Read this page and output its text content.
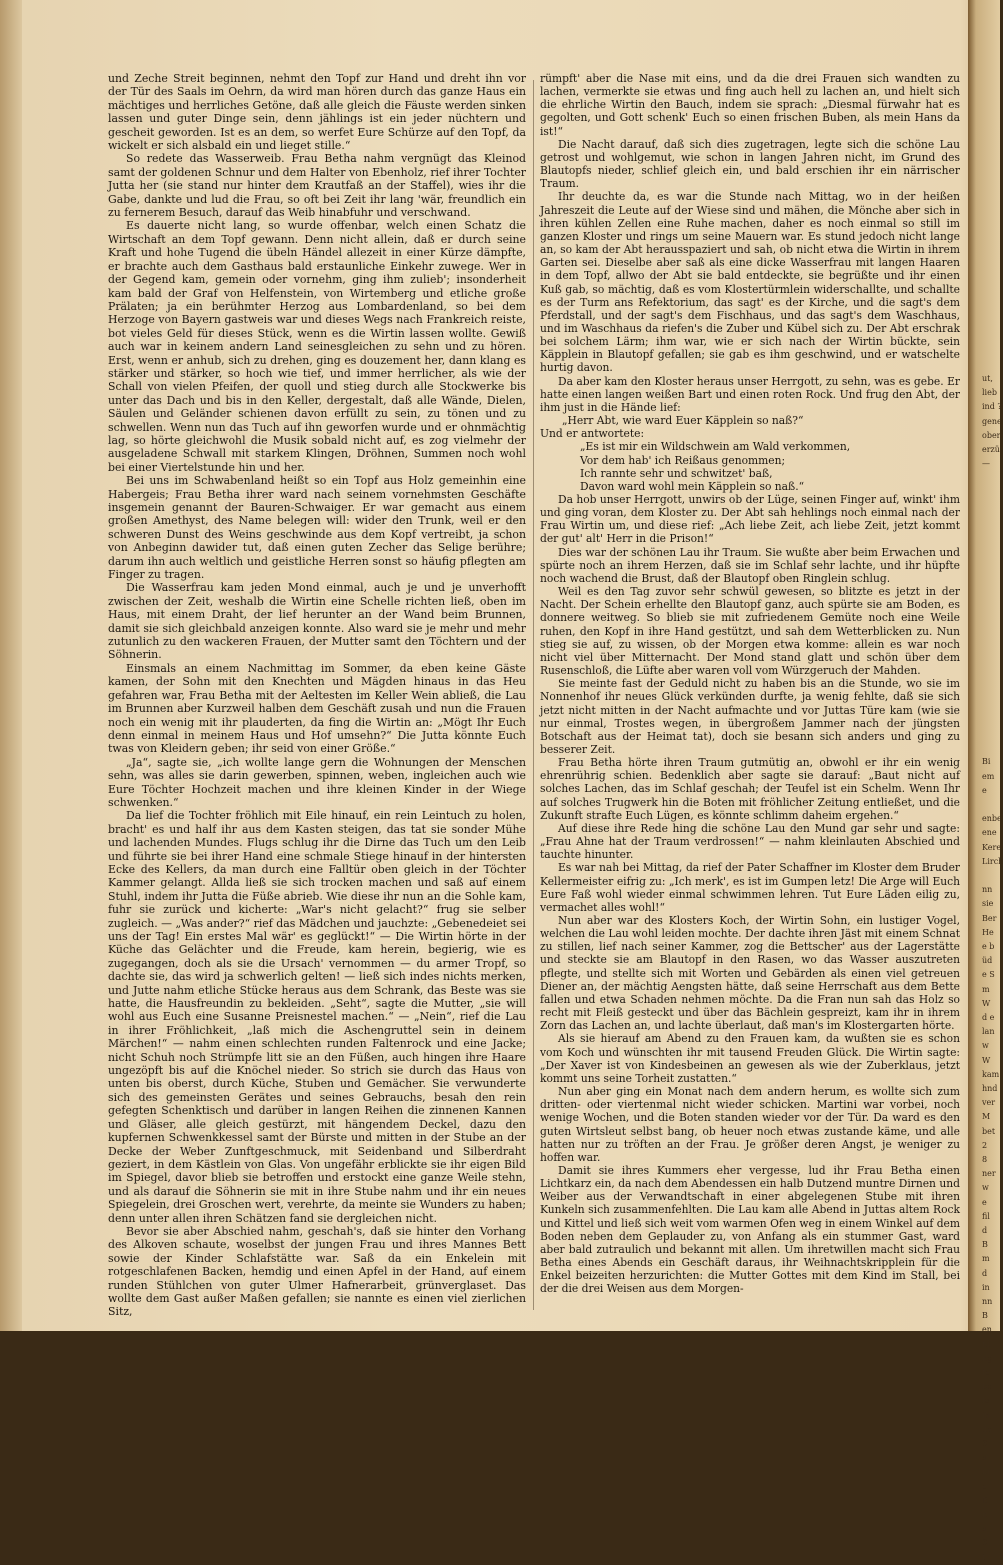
und Zeche Streit beginnen, nehmt den Topf zur Hand und dreht ihn vor der Tür des Saals im Oehrn, da wird man hören durch das ganze Haus ein mächtiges und herrliches Getöne, daß alle gleich die Fäuste werden sinken lassen und guter Dinge sein, denn jählings ist ein jeder nüchtern und gescheit geworden. Ist es an dem, so werfet Eure Schürze auf den Topf, da wickelt er sich alsbald ein und lieget stille.“

So redete das Wasserweib. Frau Betha nahm vergnügt das Kleinod samt der goldenen Schnur und dem Halter von Ebenholz, rief ihrer Tochter Jutta her (sie stand nur hinter dem Krautfaß an der Staffel), wies ihr die Gabe, dankte und lud die Frau, so oft bei Zeit ihr lang 'wär, freundlich ein zu fernerem Besuch, darauf das Weib hinabfuhr und verschwand.

Es dauerte nicht lang, so wurde offenbar, welch einen Schatz die Wirtschaft an dem Topf gewann. Denn nicht allein, daß er durch seine Kraft und hohe Tugend die übeln Händel allezeit in einer Kürze dämpfte, er brachte auch dem Gasthaus bald erstaunliche Einkehr zuwege. Wer in der Gegend kam, gemein oder vornehm, ging ihm zulieb'; insonderheit kam bald der Graf von Helfenstein, von Wirtemberg und etliche große Prälaten; ja ein berühmter Herzog aus Lombardenland, so bei dem Herzoge von Bayern gastweis war und dieses Wegs nach Frankreich reiste, bot vieles Geld für dieses Stück, wenn es die Wirtin lassen wollte. Gewiß auch war in keinem andern Land seinesgleichen zu sehn und zu hören. Erst, wenn er anhub, sich zu drehen, ging es douzement her, dann klang es stärker und stärker, so hoch wie tief, und immer herrlicher, als wie der Schall von vielen Pfeifen, der quoll und stieg durch alle Stockwerke bis unter das Dach und bis in den Keller, dergestalt, daß alle Wände, Dielen, Säulen und Geländer schienen davon erfüllt zu sein, zu tönen und zu schwellen. Wenn nun das Tuch auf ihn geworfen wurde und er ohnmächtig lag, so hörte gleichwohl die Musik sobald nicht auf, es zog vielmehr der ausgeladene Schwall mit starkem Klingen, Dröhnen, Summen noch wohl bei einer Viertelstunde hin und her.

Bei uns im Schwabenland heißt so ein Topf aus Holz gemeinhin eine Habergeis; Frau Betha ihrer ward nach seinem vornehmsten Geschäfte insgemein genannt der Bauren-Schwaiger. Er war gemacht aus einem großen Amethyst, des Name belegen will: wider den Trunk, weil er den schweren Dunst des Weins geschwinde aus dem Kopf vertreibt, ja schon von Anbeginn dawider tut, daß einen guten Zecher das Selige berühre; darum ihn auch weltlich und geistliche Herren sonst so häufig pflegten am Finger zu tragen.

Die Wasserfrau kam jeden Mond einmal, auch je und je unverhofft zwischen der Zeit, weshalb die Wirtin eine Schelle richten ließ, oben im Haus, mit einem Draht, der lief herunter an der Wand beim Brunnen, damit sie sich gleichbald anzeigen konnte. Also ward sie je mehr und mehr zutunlich zu den wackeren Frauen, der Mutter samt den Töchtern und der Söhnerin.

Einsmals an einem Nachmittag im Sommer, da eben keine Gäste kamen, der Sohn mit den Knechten und Mägden hinaus in das Heu gefahren war, Frau Betha mit der Aeltesten im Keller Wein abließ, die Lau im Brunnen aber Kurzweil halben dem Geschäft zusah und nun die Frauen noch ein wenig mit ihr plauderten, da fing die Wirtin an: „Mögt Ihr Euch denn einmal in meinem Haus und Hof umsehn?“ Die Jutta könnte Euch twas von Kleidern geben; ihr seid von einer Größe.“

„Ja“, sagte sie, „ich wollte lange gern die Wohnungen der Menschen sehn, was alles sie darin gewerben, spinnen, weben, ingleichen auch wie Eure Töchter Hochzeit machen und ihre kleinen Kinder in der Wiege schwenken.“

Da lief die Tochter fröhlich mit Eile hinauf, ein rein Leintuch zu holen, bracht' es und half ihr aus dem Kasten steigen, das tat sie sonder Mühe und lachenden Mundes. Flugs schlug ihr die Dirne das Tuch um den Leib und führte sie bei ihrer Hand eine schmale Stiege hinauf in der hintersten Ecke des Kellers, da man durch eine Falltür oben gleich in der Töchter Kammer gelangt. Allda ließ sie sich trocken machen und saß auf einem Stuhl, indem ihr Jutta die Füße abrieb. Wie diese ihr nun an die Sohle kam, fuhr sie zurück und kicherte: „War's nicht gelacht?“ frug sie selber zugleich. — „Was ander?“ rief das Mädchen und jauchzte: „Gebenedeiet sei uns der Tag! Ein erstes Mal wär' es geglückt!“ — Die Wirtin hörte in der Küche das Gelächter und die Freude, kam herein, begierig, wie es zugegangen, doch als sie die Ursach' vernommen — du armer Tropf, so dachte sie, das wird ja schwerlich gelten! — ließ sich indes nichts merken, und Jutte nahm etliche Stücke heraus aus dem Schrank, das Beste was sie hatte, die Hausfreundin zu bekleiden. „Seht“, sagte die Mutter, „sie will wohl aus Euch eine Susanne Preisnestel machen.“ — „Nein“, rief die Lau in ihrer Fröhlichkeit, „laß mich die Aschengruttel sein in deinem Märchen!“ — nahm einen schlechten runden Faltenrock und eine Jacke; nicht Schuh noch Strümpfe litt sie an den Füßen, auch hingen ihre Haare ungezöpft bis auf die Knöchel nieder. So strich sie durch das Haus von unten bis oberst, durch Küche, Stuben und Gemächer. Sie verwunderte sich des gemeinsten Gerätes und seines Gebrauchs, besah den rein gefegten Schenktisch und darüber in langen Reihen die zinnenen Kannen und Gläser, alle gleich gestürzt, mit hängendem Deckel, dazu den kupfernen Schwenkkessel samt der Bürste und mitten in der Stube an der Decke der Weber Zunftgeschmuck, mit Seidenband und Silberdraht geziert, in dem Kästlein von Glas. Von ungefähr erblickte sie ihr eigen Bild im Spiegel, davor blieb sie betroffen und erstockt eine ganze Weile stehn, und als darauf die Söhnerin sie mit in ihre Stube nahm und ihr ein neues Spiegelein, drei Groschen wert, verehrte, da meinte sie Wunders zu haben; denn unter allen ihren Schätzen fand sie dergleichen nicht.

Bevor sie aber Abschied nahm, geschah's, daß sie hinter den Vorhang des Alkoven schaute, woselbst der jungen Frau und ihres Mannes Bett sowie der Kinder Schlafstätte war. Saß da ein Enkelein mit rotgeschlafenen Backen, hemdig und einen Apfel in der Hand, auf einem runden Stühlchen von guter Ulmer Hafnerarbeit, grünverglaset. Das wollte dem Gast außer Maßen gefallen; sie nannte es einen viel zierlichen Sitz,

rümpft' aber die Nase mit eins, und da die drei Frauen sich wandten zu lachen, vermerkte sie etwas und fing auch hell zu lachen an, und hielt sich die ehrliche Wirtin den Bauch, indem sie sprach: „Diesmal fürwahr hat es gegolten, und Gott schenk' Euch so einen frischen Buben, als mein Hans da ist!“

Die Nacht darauf, daß sich dies zugetragen, legte sich die schöne Lau getrost und wohlgemut, wie schon in langen Jahren nicht, im Grund des Blautopfs nieder, schlief gleich ein, und bald erschien ihr ein närrischer Traum.

Ihr deuchte da, es war die Stunde nach Mittag, wo in der heißen Jahreszeit die Leute auf der Wiese sind und mähen, die Mönche aber sich in ihren kühlen Zellen eine Ruhe machen, daher es noch einmal so still im ganzen Kloster und rings um seine Mauern war. Es stund jedoch nicht lange an, so kam der Abt herausspaziert und sah, ob nicht etwa die Wirtin in ihrem Garten sei. Dieselbe aber saß als eine dicke Wasserfrau mit langen Haaren in dem Topf, allwo der Abt sie bald entdeckte, sie begrüßte und ihr einen Kuß gab, so mächtig, daß es vom Klostertürmlein widerschallte, und schallte es der Turm ans Refektorium, das sagt' es der Kirche, und die sagt's dem Pferdstall, und der sagt's dem Fischhaus, und das sagt's dem Waschhaus, und im Waschhaus da riefen's die Zuber und Kübel sich zu. Der Abt erschrak bei solchem Lärm; ihm war, wie er sich nach der Wirtin bückte, sein Käpplein in Blautopf gefallen; sie gab es ihm geschwind, und er watschelte hurtig davon.

Da aber kam den Kloster heraus unser Herrgott, zu sehn, was es gebe. Er hatte einen langen weißen Bart und einen roten Rock. Und frug den Abt, der ihm just in die Hände lief:

„Herr Abt, wie ward Euer Käpplein so naß?“

Und er antwortete:

„Es ist mir ein Wildschwein am Wald verkommen,

Vor dem hab' ich Reißaus genommen;

Ich rannte sehr und schwitzet' baß,

Davon ward wohl mein Käpplein so naß.“

Da hob unser Herrgott, unwirs ob der Lüge, seinen Finger auf, winkt' ihm und ging voran, dem Kloster zu. Der Abt sah hehlings noch einmal nach der Frau Wirtin um, und diese rief: „Ach liebe Zeit, ach liebe Zeit, jetzt kommt der gut' alt' Herr in die Prison!“

Dies war der schönen Lau ihr Traum. Sie wußte aber beim Erwachen und spürte noch an ihrem Herzen, daß sie im Schlaf sehr lachte, und ihr hüpfte noch wachend die Brust, daß der Blautopf oben Ringlein schlug.

Weil es den Tag zuvor sehr schwül gewesen, so blitzte es jetzt in der Nacht. Der Schein erhellte den Blautopf ganz, auch spürte sie am Boden, es donnere weitweg. So blieb sie mit zufriedenem Gemüte noch eine Weile ruhen, den Kopf in ihre Hand gestützt, und sah dem Wetterblicken zu. Nun stieg sie auf, zu wissen, ob der Morgen etwa komme: allein es war noch nicht viel über Mitternacht. Der Mond stand glatt und schön über dem Rusenschloß, die Lüfte aber waren voll vom Würzgeruch der Mahden.

Sie meinte fast der Geduld nicht zu haben bis an die Stunde, wo sie im Nonnenhof ihr neues Glück verkünden durfte, ja wenig fehlte, daß sie sich jetzt nicht mitten in der Nacht aufmachte und vor Juttas Türe kam (wie sie nur einmal, Trostes wegen, in übergroßem Jammer nach der jüngsten Botschaft aus der Heimat tat), doch sie besann sich anders und ging zu besserer Zeit.

Frau Betha hörte ihren Traum gutmütig an, obwohl er ihr ein wenig ehrenrührig schien. Bedenklich aber sagte sie darauf: „Baut nicht auf solches Lachen, das im Schlaf geschah; der Teufel ist ein Schelm. Wenn Ihr auf solches Trugwerk hin die Boten mit fröhlicher Zeitung entließet, und die Zukunft strafte Euch Lügen, es könnte schlimm daheim ergehen.“

Auf diese ihre Rede hing die schöne Lau den Mund gar sehr und sagte: „Frau Ahne hat der Traum verdrossen!“ — nahm kleinlauten Abschied und tauchte hinunter.

Es war nah bei Mittag, da rief der Pater Schaffner im Kloster dem Bruder Kellermeister eifrig zu: „Ich merk', es ist im Gumpen letz! Die Arge will Euch Eure Faß wohl wieder einmal schwimmen lehren. Tut Eure Läden eilig zu, vermachet alles wohl!“

Nun aber war des Klosters Koch, der Wirtin Sohn, ein lustiger Vogel, welchen die Lau wohl leiden mochte. Der dachte ihren Jäst mit einem Schnat zu stillen, lief nach seiner Kammer, zog die Bettscher' aus der Lagerstätte und steckte sie am Blautopf in den Rasen, wo das Wasser auszutreten pflegte, und stellte sich mit Worten und Gebärden als einen viel getreuen Diener an, der mächtig Aengsten hätte, daß seine Herrschaft aus dem Bette fallen und etwa Schaden nehmen möchte. Da die Fran nun sah das Holz so recht mit Fleiß gesteckt und über das Bächlein gespreizt, kam ihr in ihrem Zorn das Lachen an, und lachte überlaut, daß man's im Klostergarten hörte.

Als sie hierauf am Abend zu den Frauen kam, da wußten sie es schon vom Koch und wünschten ihr mit tausend Freuden Glück. Die Wirtin sagte: „Der Xaver ist von Kindesbeinen an gewesen als wie der Zuberklaus, jetzt kommt uns seine Torheit zustatten.“

Nun aber ging ein Monat nach dem andern herum, es wollte sich zum dritten- oder viertenmal nicht wieder schicken. Martini war vorbei, noch wenige Wochen, und die Boten standen wieder vor der Tür. Da ward es den guten Wirtsleut selbst bang, ob heuer noch etwas zustande käme, und alle hatten nur zu tröften an der Frau. Je größer deren Angst, je weniger zu hoffen war.

Damit sie ihres Kummers eher vergesse, lud ihr Frau Betha einen Lichtkarz ein, da nach dem Abendessen ein halb Dutzend muntre Dirnen und Weiber aus der Verwandtschaft in einer abgelegenen Stube mit ihren Kunkeln sich zusammenfehlten. Die Lau kam alle Abend in Juttas altem Rock und Kittel und ließ sich weit vom warmen Ofen weg in einem Winkel auf dem Boden neben dem Geplauder zu, von Anfang als ein stummer Gast, ward aber bald zutraulich und bekannt mit allen. Um ihretwillen macht sich Frau Betha eines Abends ein Geschäft daraus, ihr Weihnachtskripplein für die Enkel beizeiten herzurichten: die Mutter Gottes mit dem Kind im Stall, bei der die drei Weisen aus dem Morgen-

ut,
lieb
ind ?
gene
ober
erzü
—
Bi
em
e
enbe
ene
Kere
Lirch
nn
sie
Ber
He
e b
üd
e S
m
W
d e
lan
w
W
kam
hnd
ver
M
bet
2
8
ner
w
e
fil
d
B
m
d
in
nn
B
en
fd
ng
fe
bo
lo
in
da
S
a
m
e
B
n
a
S
t
